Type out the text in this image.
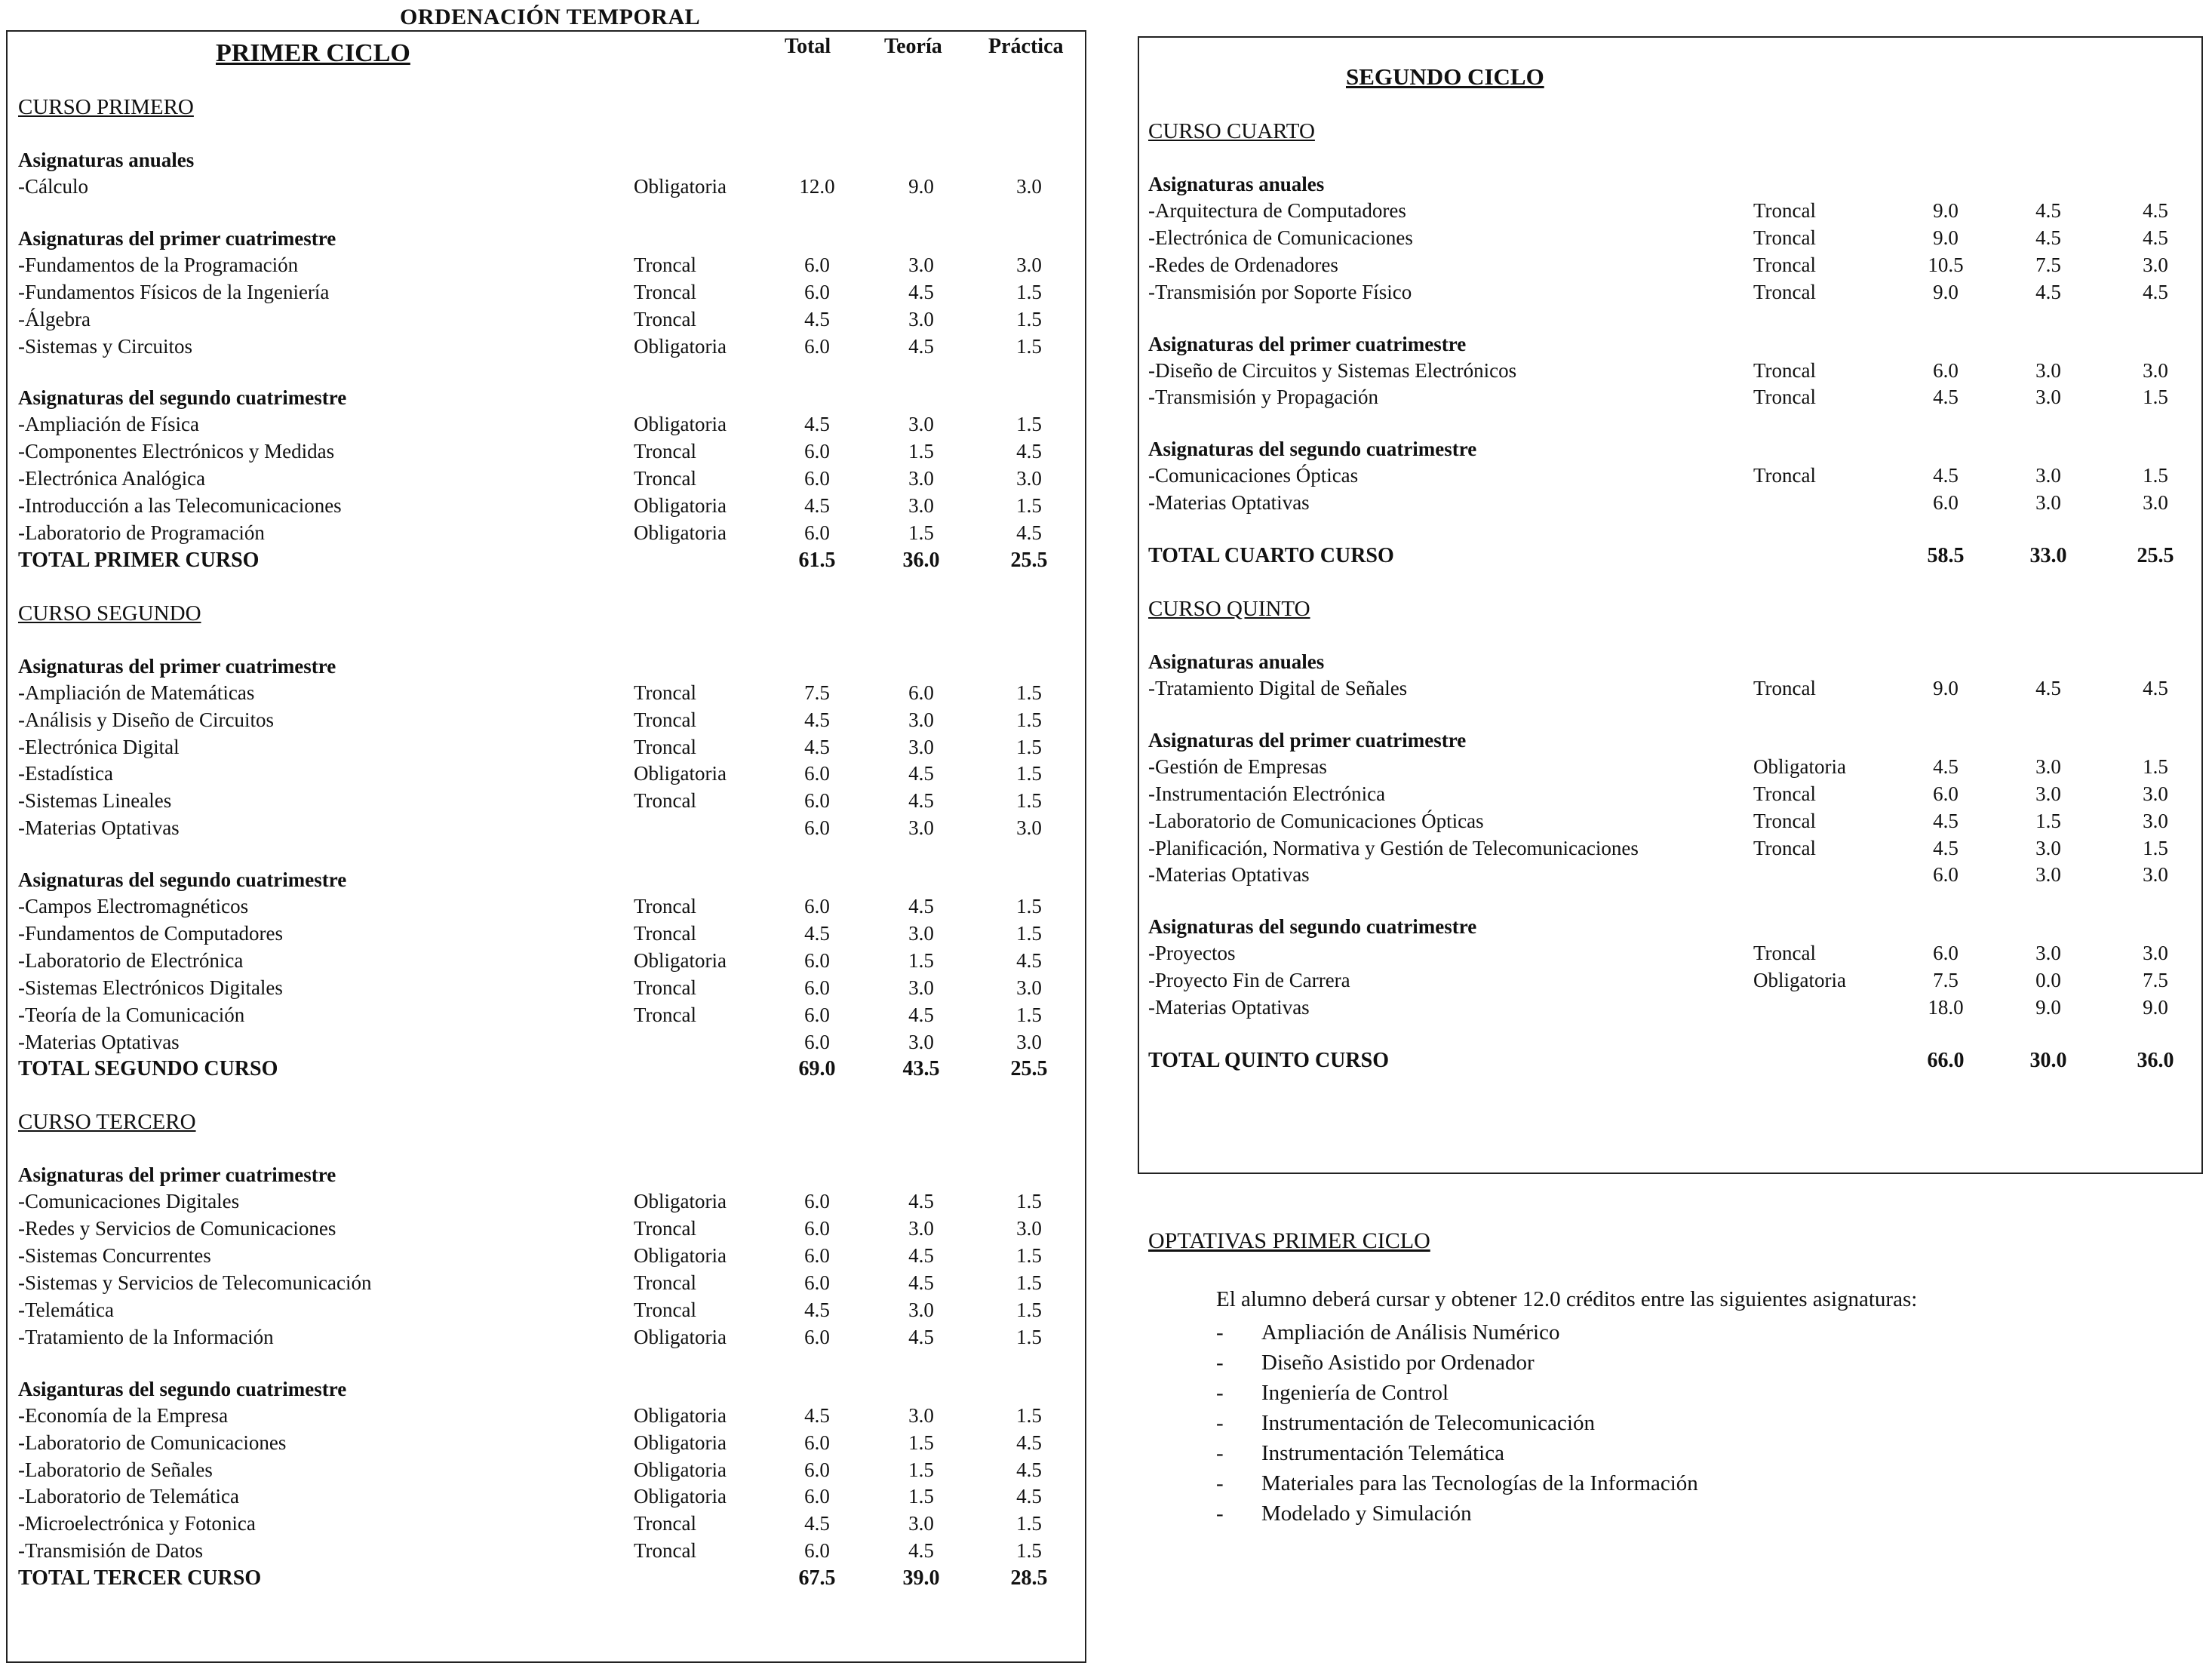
ORDENACIÓN TEMPORAL
PRIMER CICLO	Total	Teoría Práctica
CURSO PRIMERO
Asignaturas anuales
-Cálculo	Obligatoria	12.0	9.0	3.0
Asignaturas del primer cuatrimestre
-Fundamentos de la Programación	Troncal	6.0	3.0	3.0
-Fundamentos Físicos de la Ingeniería	Troncal	6.0	4.5	1.5
-Álgebra	Troncal	4.5	3.0	1.5
-Sistemas y Circuitos	Obligatoria	6.0	4.5	1.5
Asignaturas del segundo cuatrimestre
-Ampliación de Física	Obligatoria	4.5	3.0	1.5
-Componentes Electrónicos y Medidas	Troncal	6.0	1.5	4.5
-Electrónica Analógica	Troncal	6.0	3.0	3.0
-Introducción a las Telecomunicaciones	Obligatoria	4.5	3.0	1.5
-Laboratorio de Programación	Obligatoria	6.0	1.5	4.5
TOTAL PRIMER CURSO	61.5	36.0	25.5
CURSO SEGUNDO
Asignaturas del primer cuatrimestre
-Ampliación de Matemáticas	Troncal	7.5	6.0	1.5
-Análisis y Diseño de Circuitos	Troncal	4.5	3.0	1.5
-Electrónica Digital	Troncal	4.5	3.0	1.5
-Estadística	Obligatoria	6.0	4.5	1.5
-Sistemas Lineales	Troncal	6.0	4.5	1.5
-Materias Optativas	6.0	3.0	3.0
Asignaturas del segundo cuatrimestre
-Campos Electromagnéticos	Troncal	6.0	4.5	1.5
-Fundamentos de Computadores	Troncal	4.5	3.0	1.5
-Laboratorio de Electrónica	Obligatoria	6.0	1.5	4.5
-Sistemas Electrónicos Digitales	Troncal	6.0	3.0	3.0
-Teoría de la Comunicación	Troncal	6.0	4.5	1.5
-Materias Optativas	6.0	3.0	3.0
TOTAL SEGUNDO CURSO	69.0	43.5	25.5
CURSO TERCERO
Asignaturas del primer cuatrimestre
-Comunicaciones Digitales	Obligatoria	6.0	4.5	1.5
-Redes y Servicios de Comunicaciones	Troncal	6.0	3.0	3.0
-Sistemas Concurrentes	Obligatoria	6.0	4.5	1.5
-Sistemas y Servicios de Telecomunicación	Troncal	6.0	4.5	1.5
-Telemática	Troncal	4.5	3.0	1.5
-Tratamiento de la Información	Obligatoria	6.0	4.5	1.5
Asiganturas del segundo cuatrimestre
-Economía de la Empresa	Obligatoria	4.5	3.0	1.5
-Laboratorio de Comunicaciones	Obligatoria	6.0	1.5	4.5
-Laboratorio de Señales	Obligatoria	6.0	1.5	4.5
-Laboratorio de Telemática	Obligatoria	6.0	1.5	4.5
-Microelectrónica y Fotonica	Troncal	4.5	3.0	1.5
-Transmisión de Datos	Troncal	6.0	4.5	1.5
TOTAL TERCER CURSO	67.5	39.0	28.5
SEGUNDO CICLO
CURSO CUARTO
Asignaturas anuales
-Arquitectura de Computadores	Troncal	9.0	4.5	4.5
-Electrónica de Comunicaciones	Troncal	9.0	4.5	4.5
-Redes de Ordenadores	Troncal	10.5	7.5	3.0
-Transmisión por Soporte Físico	Troncal	9.0	4.5	4.5
Asignaturas del primer cuatrimestre
-Diseño de Circuitos y Sistemas Electrónicos	Troncal	6.0	3.0	3.0
-Transmisión y Propagación	Troncal	4.5	3.0	1.5
Asignaturas del segundo cuatrimestre
-Comunicaciones Ópticas	Troncal	4.5	3.0	1.5
-Materias Optativas	6.0	3.0	3.0
TOTAL CUARTO CURSO	58.5	33.0	25.5
CURSO QUINTO
Asignaturas anuales
-Tratamiento Digital de Señales	Troncal	9.0	4.5	4.5
Asignaturas del primer cuatrimestre
-Gestión de Empresas	Obligatoria	4.5	3.0	1.5
-Instrumentación Electrónica	Troncal	6.0	3.0	3.0
-Laboratorio de Comunicaciones Ópticas	Troncal	4.5	1.5	3.0
-Planificación, Normativa y Gestión de Telecomunicaciones	Troncal	4.5	3.0	1.5
-Materias Optativas	6.0	3.0	3.0
Asignaturas del segundo cuatrimestre
-Proyectos	Troncal	6.0	3.0	3.0
-Proyecto Fin de Carrera	Obligatoria	7.5	0.0	7.5
-Materias Optativas	18.0	9.0	9.0
TOTAL QUINTO CURSO	66.0	30.0	36.0
OPTATIVAS PRIMER CICLO
El alumno deberá cursar y obtener 12.0 créditos entre las siguientes asignaturas:
- Ampliación de Análisis Numérico
- Diseño Asistido por Ordenador
- Ingeniería de Control
- Instrumentación de Telecomunicación
- Instrumentación Telemática
- Materiales para las Tecnologías de la Información
- Modelado y Simulación
